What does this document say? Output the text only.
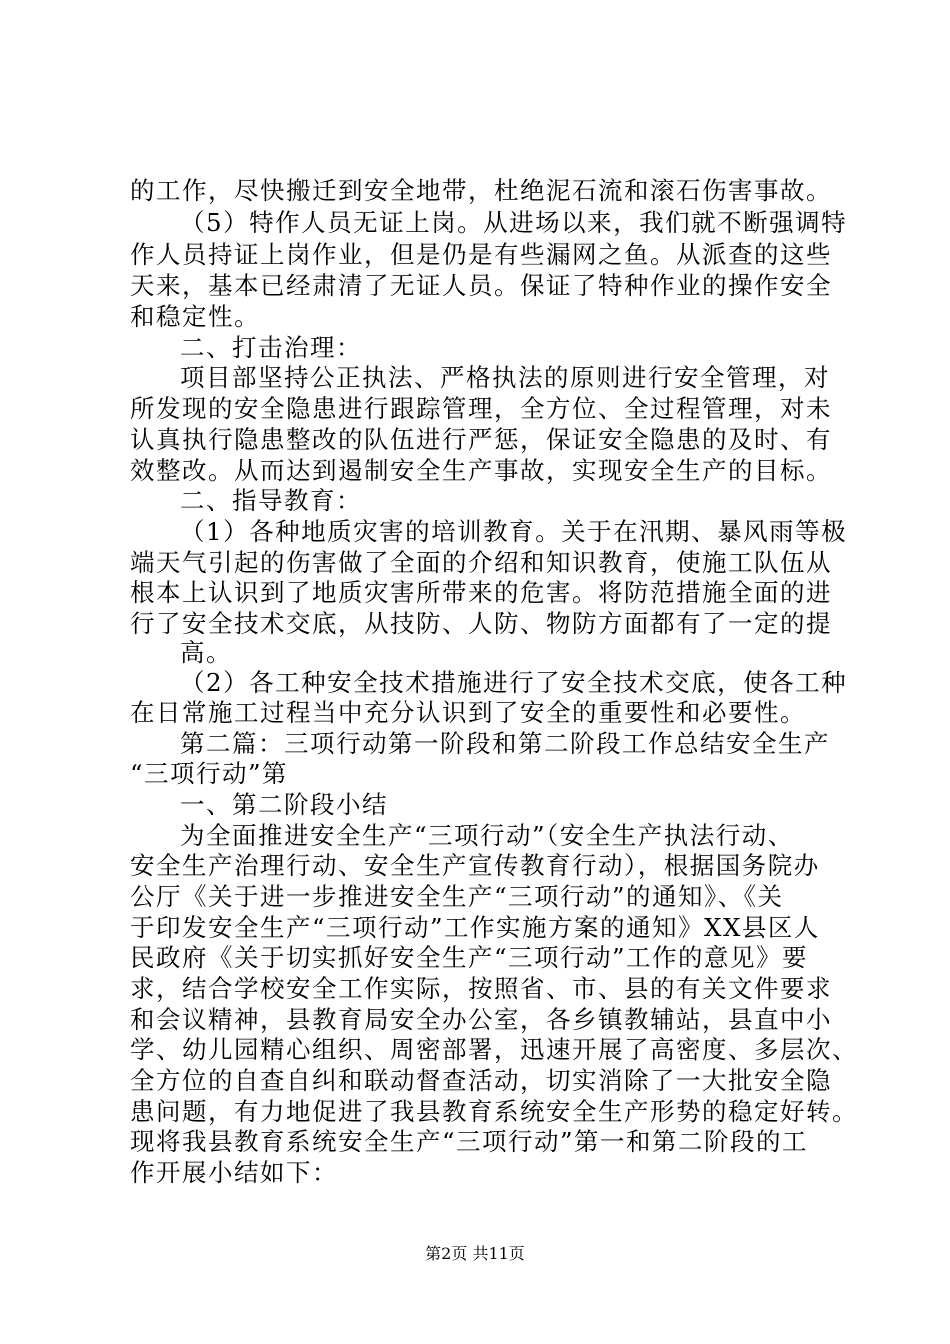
的工作，尽快搬迁到安全地带，杜绝泥石流和滚石伤害事故。
（5）特作人员无证上岗。从进场以来，我们就不断强调特
作人员持证上岗作业，但是仍是有些漏网之鱼。从派查的这些
天来，基本已经肃清了无证人员。保证了特种作业的操作安全
和稳定性。
二、打击治理：
项目部坚持公正执法、严格执法的原则进行安全管理，对
所发现的安全隐患进行跟踪管理，全方位、全过程管理，对未
认真执行隐患整改的队伍进行严惩，保证安全隐患的及时、有
效整改。从而达到遏制安全生产事故，实现安全生产的目标。
二、指导教育：
（1）各种地质灾害的培训教育。关于在汛期、暴风雨等极
端天气引起的伤害做了全面的介绍和知识教育，使施工队伍从
根本上认识到了地质灾害所带来的危害。将防范措施全面的进
行了安全技术交底，从技防、人防、物防方面都有了一定的提
高。
（2）各工种安全技术措施进行了安全技术交底，使各工种
在日常施工过程当中充分认识到了安全的重要性和必要性。
第二篇：三项行动第一阶段和第二阶段工作总结安全生产
“三项行动”第
一、第二阶段小结
为全面推进安全生产“三项行动”（安全生产执法行动、
安全生产治理行动、安全生产宣传教育行动），根据国务院办
公厅《关于进一步推进安全生产“三项行动”的通知》、《关
于印发安全生产“三项行动”工作实施方案的通知》XX县区人
民政府《关于切实抓好安全生产“三项行动”工作的意见》要
求，结合学校安全工作实际，按照省、市、县的有关文件要求
和会议精神，县教育局安全办公室，各乡镇教辅站，县直中小
学、幼儿园精心组织、周密部署，迅速开展了高密度、多层次、
全方位的自查自纠和联动督查活动，切实消除了一大批安全隐
患问题，有力地促进了我县教育系统安全生产形势的稳定好转。
现将我县教育系统安全生产“三项行动”第一和第二阶段的工
作开展小结如下：
第2页 共11页
